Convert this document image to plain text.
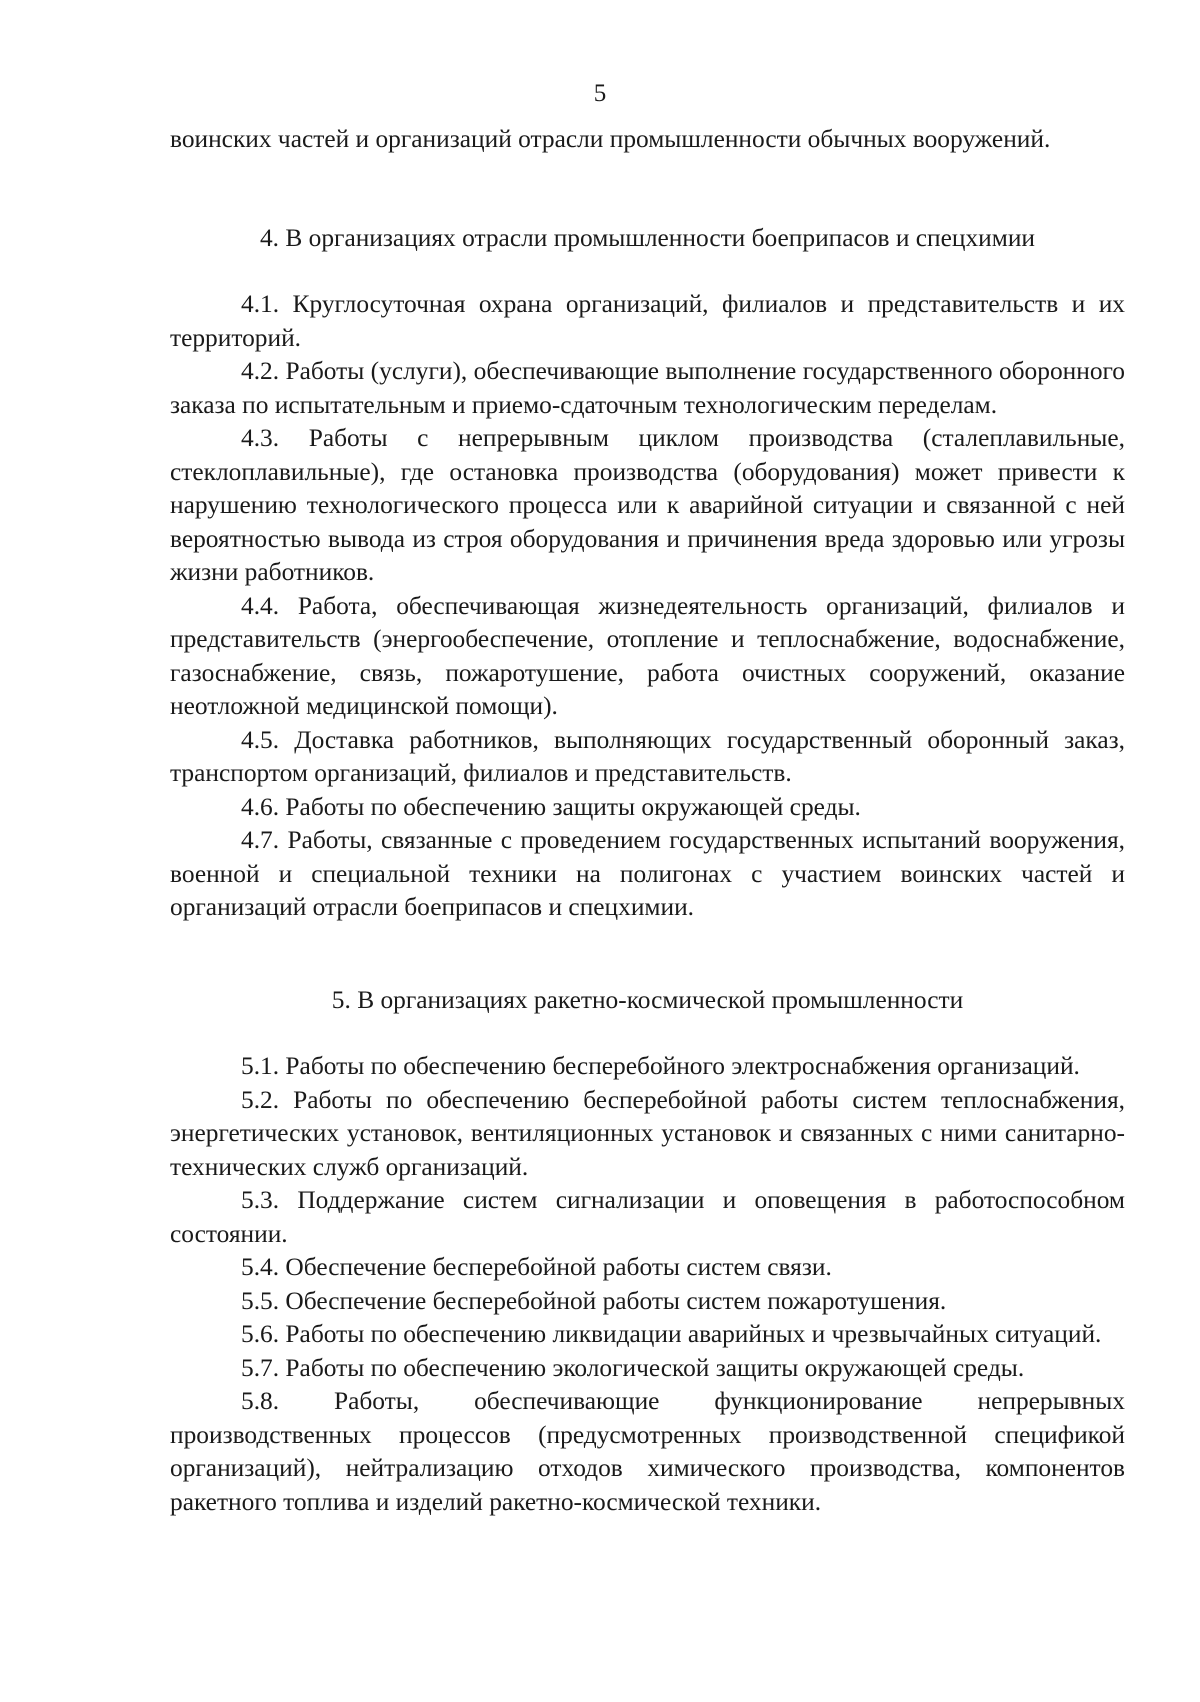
5

воинских частей и организаций отрасли промышленности обычных вооружений.

4. В организациях отрасли промышленности боеприпасов и спецхимии

4.1. Круглосуточная охрана организаций, филиалов и представительств и их территорий.

4.2. Работы (услуги), обеспечивающие выполнение государственного оборонного заказа по испытательным и приемо-сдаточным технологическим переделам.

4.3. Работы с непрерывным циклом производства (сталеплавильные, стеклоплавильные), где остановка производства (оборудования) может привести к нарушению технологического процесса или к аварийной ситуации и связанной с ней вероятностью вывода из строя оборудования и причинения вреда здоровью или угрозы жизни работников.

4.4. Работа, обеспечивающая жизнедеятельность организаций, филиалов и представительств (энергообеспечение, отопление и теплоснабжение, водоснабжение, газоснабжение, связь, пожаротушение, работа очистных сооружений, оказание неотложной медицинской помощи).

4.5. Доставка работников, выполняющих государственный оборонный заказ, транспортом организаций, филиалов и представительств.

4.6. Работы по обеспечению защиты окружающей среды.

4.7. Работы, связанные с проведением государственных испытаний вооружения, военной и специальной техники на полигонах с участием воинских частей и организаций отрасли боеприпасов и спецхимии.

5. В организациях ракетно-космической промышленности

5.1. Работы по обеспечению бесперебойного электроснабжения организаций.

5.2. Работы по обеспечению бесперебойной работы систем теплоснабжения, энергетических установок, вентиляционных установок и связанных с ними санитарно-технических служб организаций.

5.3. Поддержание систем сигнализации и оповещения в работоспособном состоянии.

5.4. Обеспечение бесперебойной работы систем связи.

5.5. Обеспечение бесперебойной работы систем пожаротушения.

5.6. Работы по обеспечению ликвидации аварийных и чрезвычайных ситуаций.

5.7. Работы по обеспечению экологической защиты окружающей среды.

5.8. Работы, обеспечивающие функционирование непрерывных производственных процессов (предусмотренных производственной спецификой организаций), нейтрализацию отходов химического производства, компонентов ракетного топлива и изделий ракетно-космической техники.
